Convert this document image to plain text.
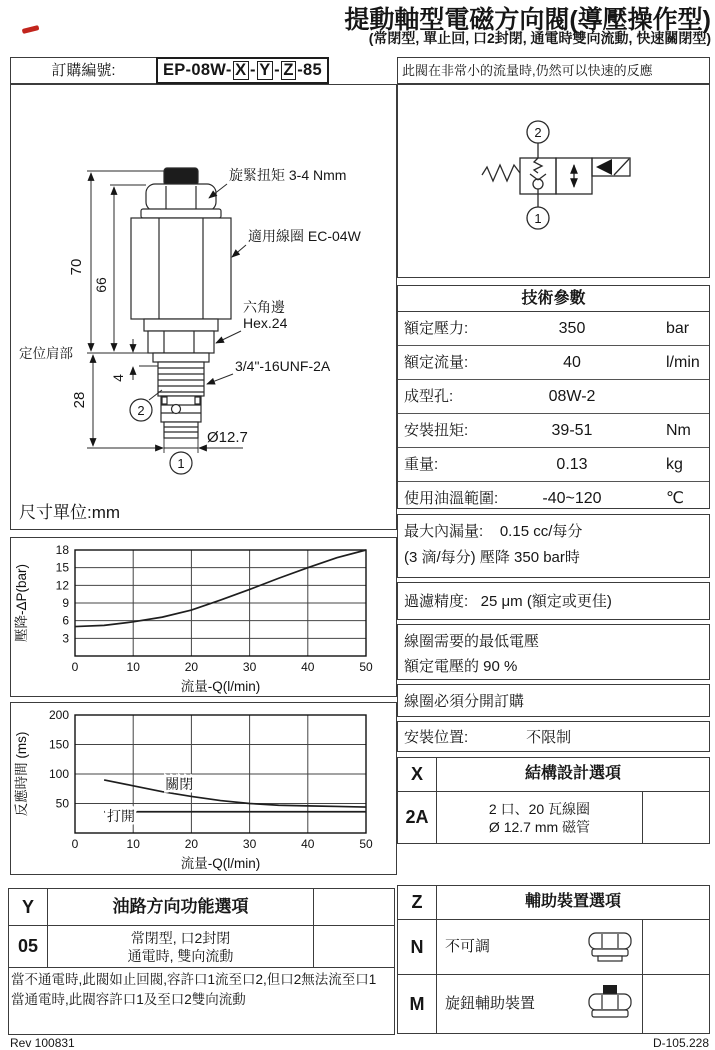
提動軸型電磁方向閥(導壓操作型)
(常閉型, 單止回, 口2封閉, 通電時雙向流動, 快速關閉型)
訂購編號:	EP-08W- X - Y - Z -85	此閥在非常小的流量時,仍然可以快速的反應
旋緊扭矩 3-4 Nmm
適用線圈 EC-04W
六角邊
Hex.24
3/4"-16UNF-2A
定位肩部
70
66
28
4
Ø12.7
2
1
尺寸單位:mm
2
1
技術參數
額定壓力:	350	bar
額定流量:	40	l/min
成型孔:	08W-2
安裝扭矩:	39-51	Nm
重量:	0.13	kg
使用油溫範圍:	-40~120	℃
最大內漏量:    0.15 cc/每分
(3 滴/每分) 壓降 350 bar時
過濾精度:   25 μm (額定或更佳)
線圈需要的最低電壓
額定電壓的 90 %
線圈必須分開訂購
安裝位置:	不限制
0	10	20	30	40	50
3
6
9
12
15
18
流量-Q(l/min)
壓降-ΔP(bar)
0	10	20	30	40	50
50
100
150
200
關閉
打開
流量-Q(l/min)
反應時間 (ms)	X	結構設計選項
2A	2 口、20 瓦線圈
Ø 12.7 mm 磁管
Y	油路方向功能選項
05	常閉型, 口2封閉
通電時, 雙向流動
當不通電時,此閥如止回閥,容許口1流至口2,但口2無法流至口1
當通電時,此閥容許口1及至口2雙向流動
Z	輔助裝置選項
N	不可調
M	旋鈕輔助裝置
Rev 100831	D-105.228
